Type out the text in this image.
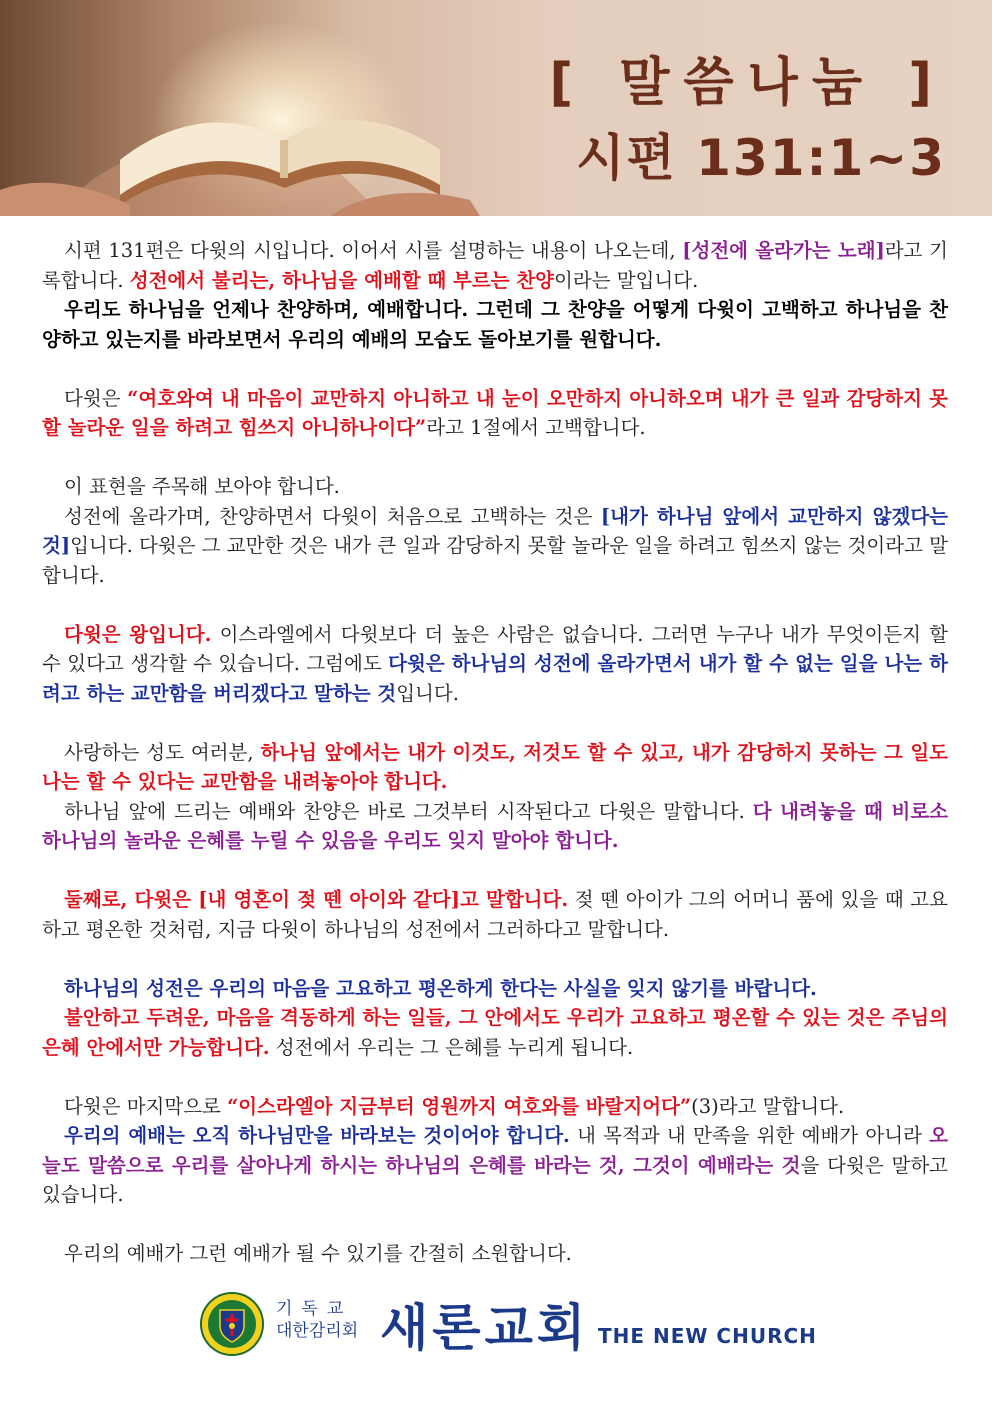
[ 말씀나눔 ]
시편 131:1~3

시편 131편은 다윗의 시입니다. 이어서 시를 설명하는 내용이 나오는데, [성전에 올라가는 노래]라고 기록합니다. 성전에서 불리는, 하나님을 예배할 때 부르는 찬양이라는 말입니다.

우리도 하나님을 언제나 찬양하며, 예배합니다. 그런데 그 찬양을 어떻게 다윗이 고백하고 하나님을 찬양하고 있는지를 바라보면서 우리의 예배의 모습도 돌아보기를 원합니다.

다윗은 “여호와여 내 마음이 교만하지 아니하고 내 눈이 오만하지 아니하오며 내가 큰 일과 감당하지 못할 놀라운 일을 하려고 힘쓰지 아니하나이다”라고 1절에서 고백합니다.

이 표현을 주목해 보아야 합니다.

성전에 올라가며, 찬양하면서 다윗이 처음으로 고백하는 것은 [내가 하나님 앞에서 교만하지 않겠다는 것]입니다. 다윗은 그 교만한 것은 내가 큰 일과 감당하지 못할 놀라운 일을 하려고 힘쓰지 않는 것이라고 말합니다.

다윗은 왕입니다. 이스라엘에서 다윗보다 더 높은 사람은 없습니다. 그러면 누구나 내가 무엇이든지 할 수 있다고 생각할 수 있습니다. 그럼에도 다윗은 하나님의 성전에 올라가면서 내가 할 수 없는 일을 나는 하려고 하는 교만함을 버리겠다고 말하는 것입니다.

사랑하는 성도 여러분, 하나님 앞에서는 내가 이것도, 저것도 할 수 있고, 내가 감당하지 못하는 그 일도 나는 할 수 있다는 교만함을 내려놓아야 합니다.

하나님 앞에 드리는 예배와 찬양은 바로 그것부터 시작된다고 다윗은 말합니다. 다 내려놓을 때 비로소 하나님의 놀라운 은혜를 누릴 수 있음을 우리도 잊지 말아야 합니다.

둘째로, 다윗은 [내 영혼이 젖 뗀 아이와 같다]고 말합니다. 젖 뗀 아이가 그의 어머니 품에 있을 때 고요하고 평온한 것처럼, 지금 다윗이 하나님의 성전에서 그러하다고 말합니다.

하나님의 성전은 우리의 마음을 고요하고 평온하게 한다는 사실을 잊지 않기를 바랍니다.

불안하고 두려운, 마음을 격동하게 하는 일들, 그 안에서도 우리가 고요하고 평온할 수 있는 것은 주님의 은혜 안에서만 가능합니다. 성전에서 우리는 그 은혜를 누리게 됩니다.

다윗은 마지막으로 “이스라엘아 지금부터 영원까지 여호와를 바랄지어다”(3)라고 말합니다.

우리의 예배는 오직 하나님만을 바라보는 것이어야 합니다. 내 목적과 내 만족을 위한 예배가 아니라 오늘도 말씀으로 우리를 살아나게 하시는 하나님의 은혜를 바라는 것, 그것이 예배라는 것을 다윗은 말하고 있습니다.

우리의 예배가 그런 예배가 될 수 있기를 간절히 소원합니다.

기독교
대한감리회 새론교회 THE NEW CHURCH
